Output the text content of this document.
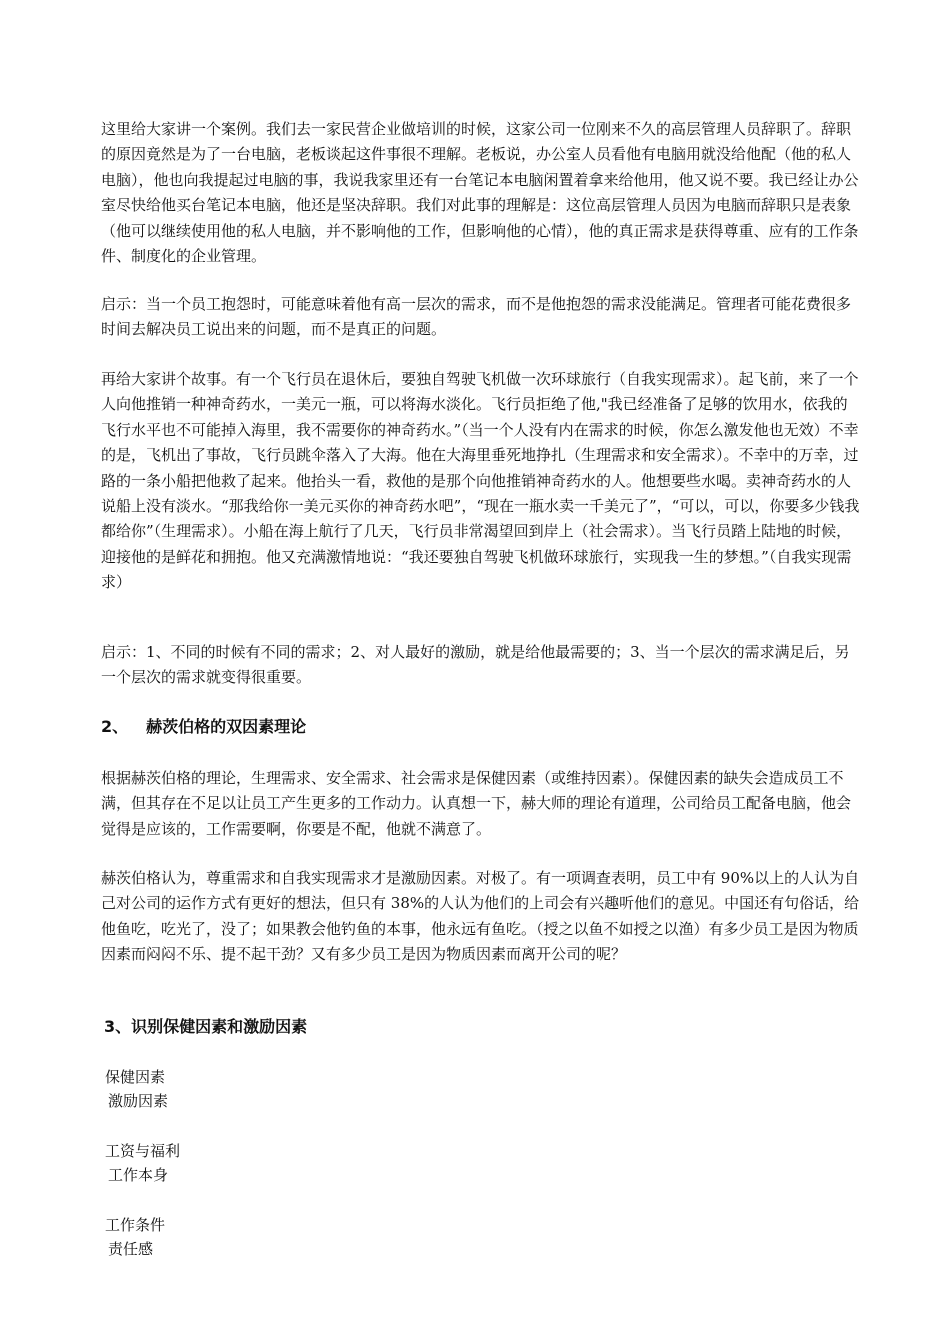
这里给大家讲一个案例。我们去一家民营企业做培训的时候，这家公司一位刚来不久的高层管理人员辞职了。辞职的原因竟然是为了一台电脑，老板谈起这件事很不理解。老板说，办公室人员看他有电脑用就没给他配（他的私人电脑），他也向我提起过电脑的事，我说我家里还有一台笔记本电脑闲置着拿来给他用，他又说不要。我已经让办公室尽快给他买台笔记本电脑，他还是坚决辞职。我们对此事的理解是：这位高层管理人员因为电脑而辞职只是表象（他可以继续使用他的私人电脑，并不影响他的工作，但影响他的心情），他的真正需求是获得尊重、应有的工作条件、制度化的企业管理。

启示：当一个员工抱怨时，可能意味着他有高一层次的需求，而不是他抱怨的需求没能满足。管理者可能花费很多时间去解决员工说出来的问题，而不是真正的问题。

再给大家讲个故事。有一个飞行员在退休后，要独自驾驶飞机做一次环球旅行（自我实现需求）。起飞前，来了一个人向他推销一种神奇药水，一美元一瓶，可以将海水淡化。飞行员拒绝了他,"我已经准备了足够的饮用水，依我的飞行水平也不可能掉入海里，我不需要你的神奇药水。”（当一个人没有内在需求的时候，你怎么激发他也无效）不幸的是，飞机出了事故，飞行员跳伞落入了大海。他在大海里垂死地挣扎（生理需求和安全需求）。不幸中的万幸，过路的一条小船把他救了起来。他抬头一看，救他的是那个向他推销神奇药水的人。他想要些水喝。卖神奇药水的人说船上没有淡水。“那我给你一美元买你的神奇药水吧”，“现在一瓶水卖一千美元了”，“可以，可以，你要多少钱我都给你”（生理需求）。小船在海上航行了几天，飞行员非常渴望回到岸上（社会需求）。当飞行员踏上陆地的时候，迎接他的是鲜花和拥抱。他又充满激情地说：“我还要独自驾驶飞机做环球旅行，实现我一生的梦想。”（自我实现需求）

启示：1、不同的时候有不同的需求；2、对人最好的激励，就是给他最需要的；3、当一个层次的需求满足后，另一个层次的需求就变得很重要。

2、 赫茨伯格的双因素理论

根据赫茨伯格的理论，生理需求、安全需求、社会需求是保健因素（或维持因素）。保健因素的缺失会造成员工不满，但其存在不足以让员工产生更多的工作动力。认真想一下，赫大师的理论有道理，公司给员工配备电脑，他会觉得是应该的，工作需要啊，你要是不配，他就不满意了。

赫茨伯格认为，尊重需求和自我实现需求才是激励因素。对极了。有一项调查表明，员工中有 90%以上的人认为自己对公司的运作方式有更好的想法，但只有 38%的人认为他们的上司会有兴趣听他们的意见。中国还有句俗话，给他鱼吃，吃光了，没了；如果教会他钓鱼的本事，他永远有鱼吃。（授之以鱼不如授之以渔）有多少员工是因为物质因素而闷闷不乐、提不起干劲？又有多少员工是因为物质因素而离开公司的呢？

3、识别保健因素和激励因素
保健因素
激励因素
工资与福利
工作本身
工作条件
责任感
